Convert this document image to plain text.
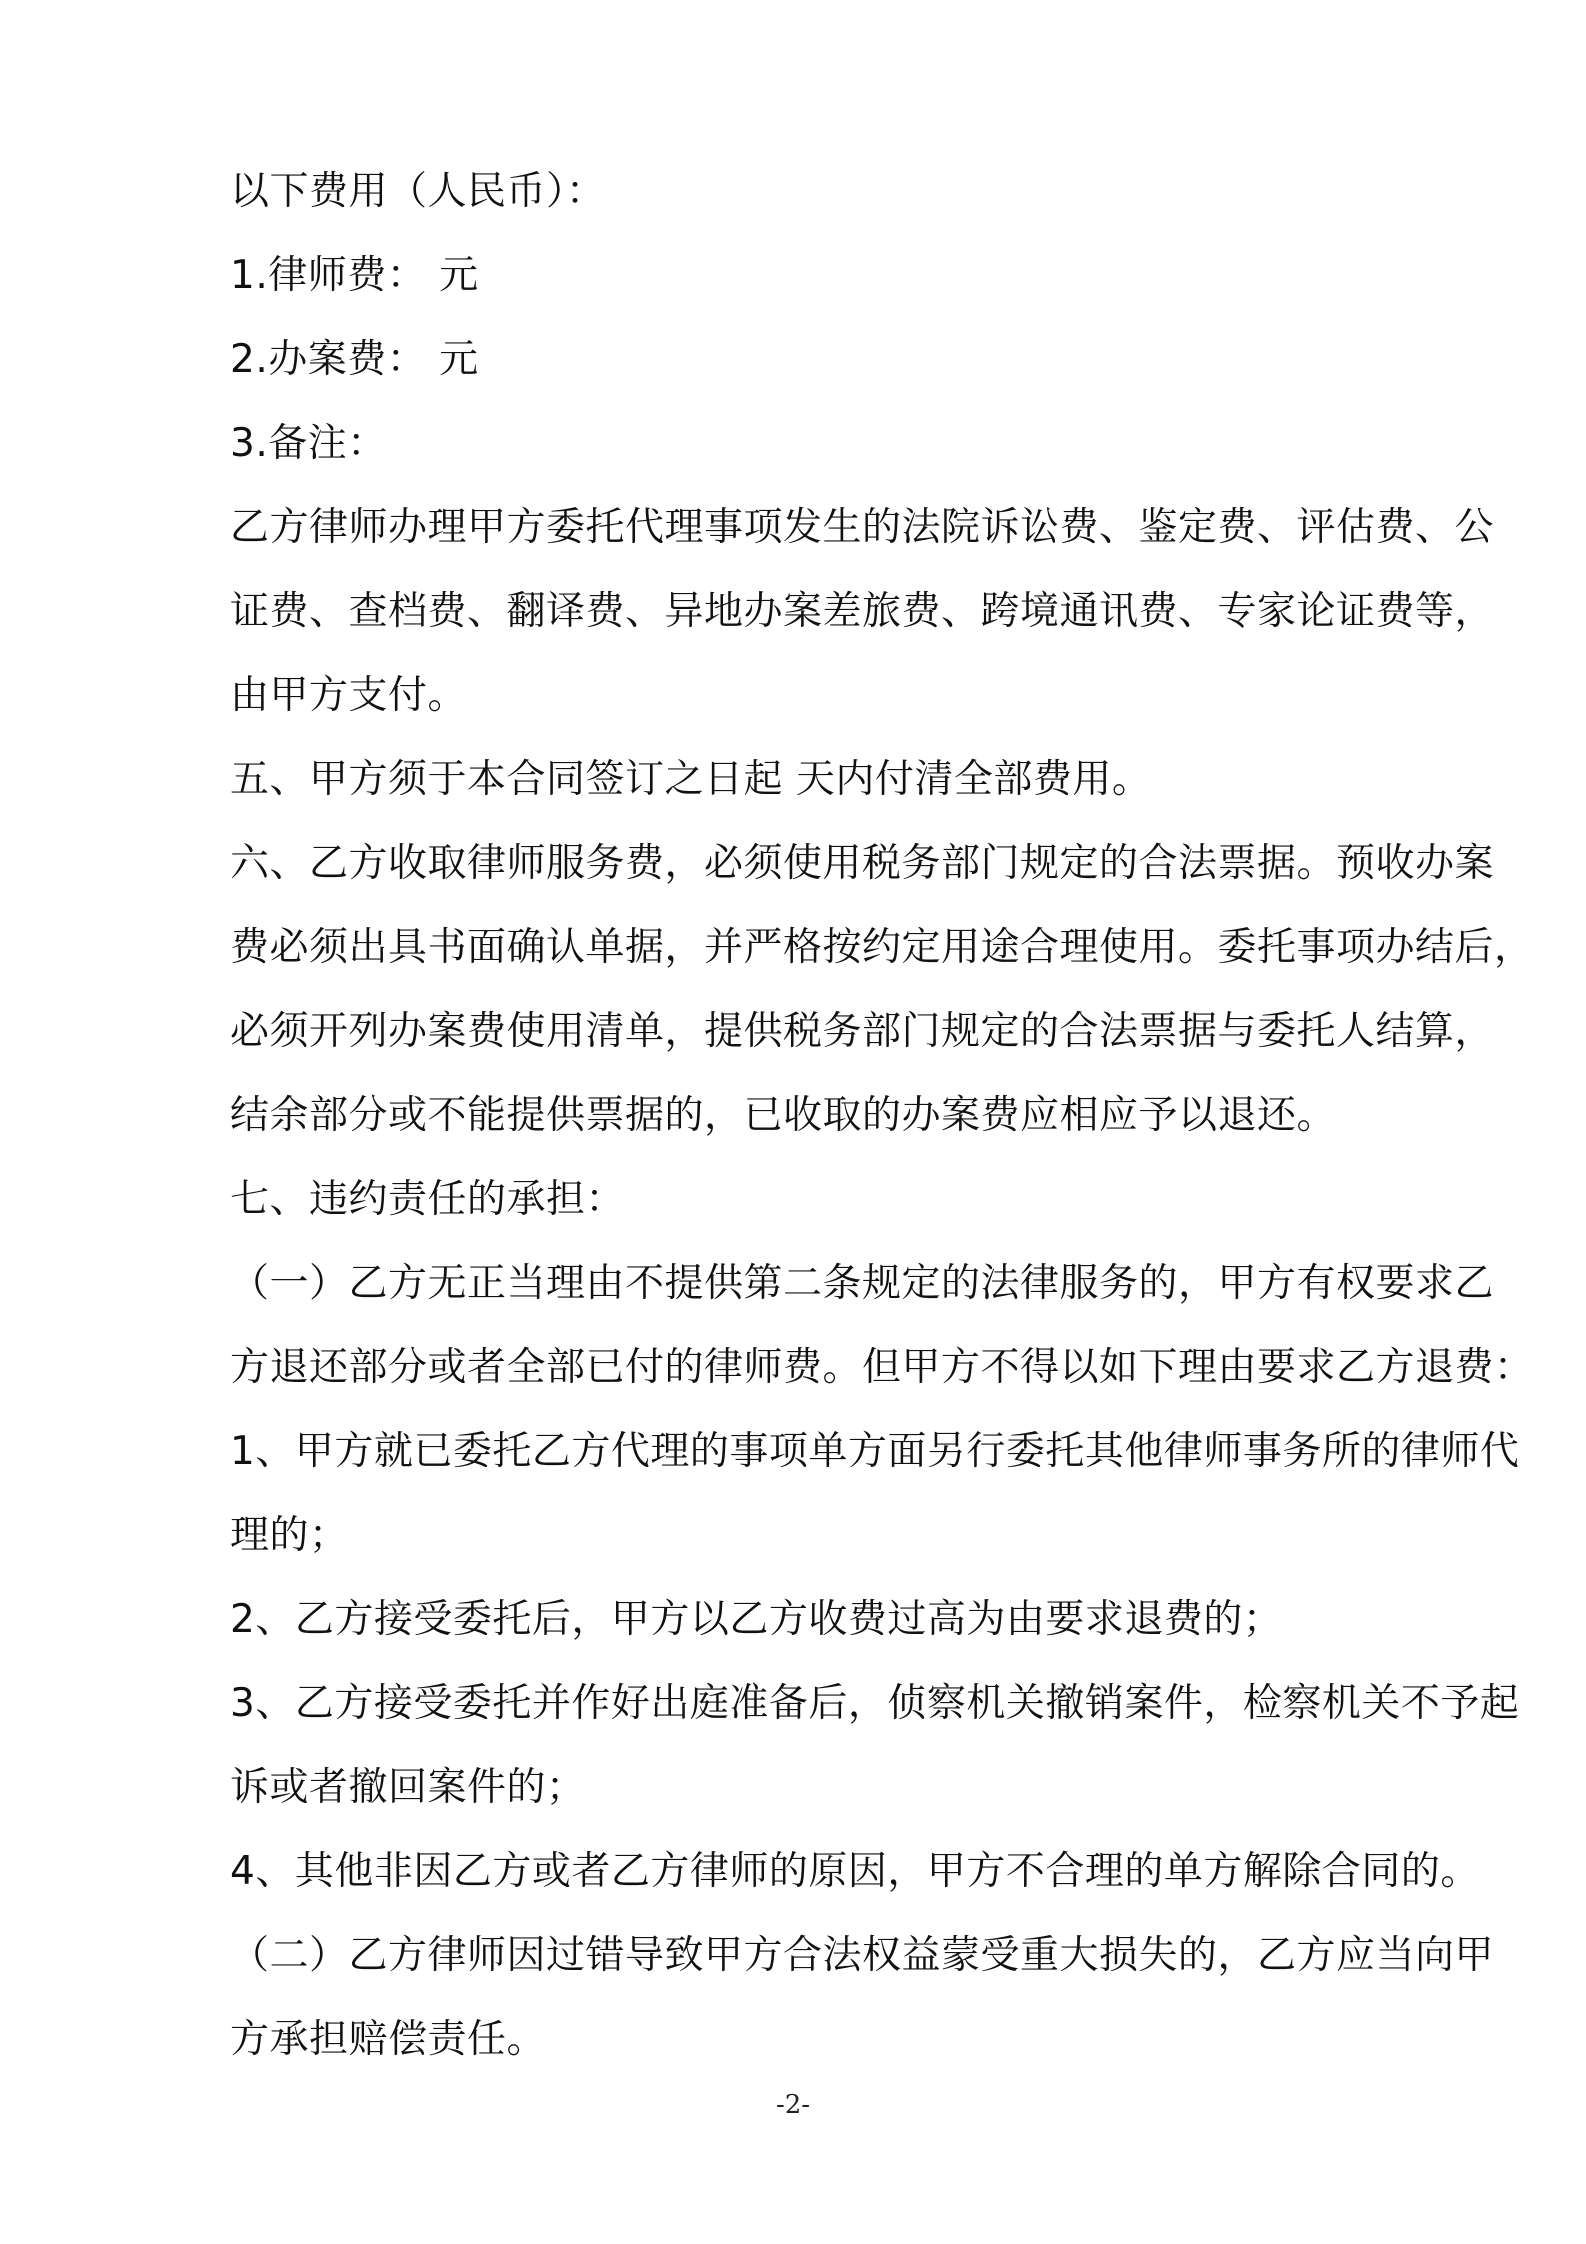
以下费用（人民币）：
1.律师费： 元
2.办案费： 元
3.备注：
乙方律师办理甲方委托代理事项发生的法院诉讼费、鉴定费、评估费、公
证费、查档费、翻译费、异地办案差旅费、跨境通讯费、专家论证费等，
由甲方支付。
五、甲方须于本合同签订之日起 天内付清全部费用。
六、乙方收取律师服务费，必须使用税务部门规定的合法票据。预收办案
费必须出具书面确认单据，并严格按约定用途合理使用。委托事项办结后，
必须开列办案费使用清单，提供税务部门规定的合法票据与委托人结算，
结余部分或不能提供票据的，已收取的办案费应相应予以退还。
七、违约责任的承担：
（一）乙方无正当理由不提供第二条规定的法律服务的，甲方有权要求乙
方退还部分或者全部已付的律师费。但甲方不得以如下理由要求乙方退费：
1、甲方就已委托乙方代理的事项单方面另行委托其他律师事务所的律师代
理的；
2、乙方接受委托后，甲方以乙方收费过高为由要求退费的；
3、乙方接受委托并作好出庭准备后，侦察机关撤销案件，检察机关不予起
诉或者撤回案件的；
4、其他非因乙方或者乙方律师的原因，甲方不合理的单方解除合同的。
（二）乙方律师因过错导致甲方合法权益蒙受重大损失的，乙方应当向甲
方承担赔偿责任。
-2-
